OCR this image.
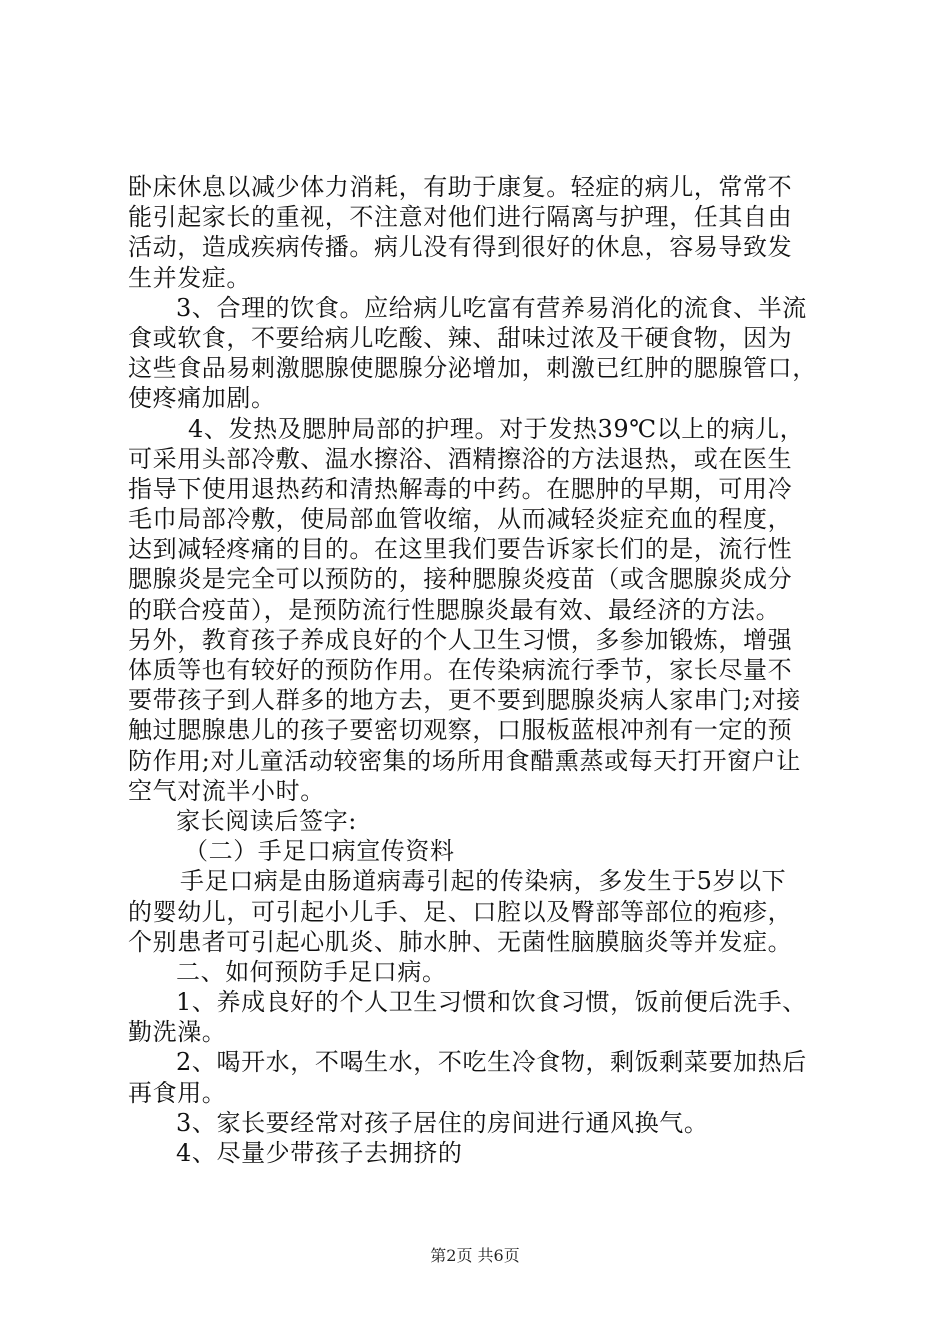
卧床休息以减少体力消耗，有助于康复。轻症的病儿，常常不
能引起家长的重视，不注意对他们进行隔离与护理，任其自由
活动，造成疾病传播。病儿没有得到很好的休息，容易导致发
生并发症。
3、合理的饮食。应给病儿吃富有营养易消化的流食、半流
食或软食，不要给病儿吃酸、辣、甜味过浓及干硬食物，因为
这些食品易刺激腮腺使腮腺分泌增加，刺激已红肿的腮腺管口，
使疼痛加剧。
4、发热及腮肿局部的护理。对于发热39℃以上的病儿，
可采用头部冷敷、温水擦浴、酒精擦浴的方法退热，或在医生
指导下使用退热药和清热解毒的中药。在腮肿的早期，可用冷
毛巾局部冷敷，使局部血管收缩，从而减轻炎症充血的程度，
达到减轻疼痛的目的。在这里我们要告诉家长们的是，流行性
腮腺炎是完全可以预防的，接种腮腺炎疫苗（或含腮腺炎成分
的联合疫苗），是预防流行性腮腺炎最有效、最经济的方法。
另外，教育孩子养成良好的个人卫生习惯，多参加锻炼，增强
体质等也有较好的预防作用。在传染病流行季节，家长尽量不
要带孩子到人群多的地方去，更不要到腮腺炎病人家串门;对接
触过腮腺患儿的孩子要密切观察，口服板蓝根冲剂有一定的预
防作用;对儿童活动较密集的场所用食醋熏蒸或每天打开窗户让
空气对流半小时。
家长阅读后签字:
（二）手足口病宣传资料
手足口病是由肠道病毒引起的传染病，多发生于5岁以下
的婴幼儿，可引起小儿手、足、口腔以及臀部等部位的疱疹，
个别患者可引起心肌炎、肺水肿、无菌性脑膜脑炎等并发症。
二、如何预防手足口病。
1、养成良好的个人卫生习惯和饮食习惯，饭前便后洗手、
勤洗澡。
2、喝开水，不喝生水，不吃生冷食物，剩饭剩菜要加热后
再食用。
3、家长要经常对孩子居住的房间进行通风换气。
4、尽量少带孩子去拥挤的
第2页 共6页
